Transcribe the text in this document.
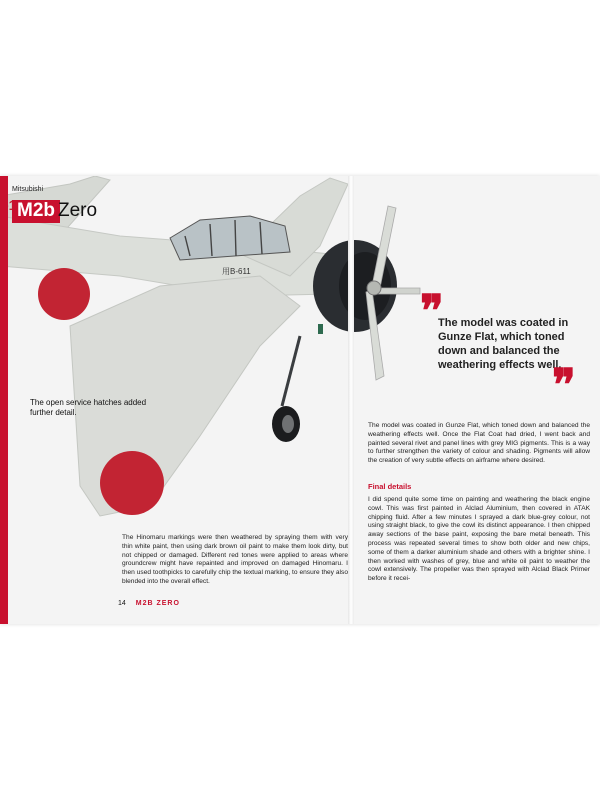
用B-611
Mitsubishi
M2b Zero
The open service hatches added further detail.
❞
The model was coated in Gunze Flat, which toned down and balanced the weathering effects well.
❞

The Hinomaru markings were then weathered by spraying them with very thin white paint, then using dark brown oil paint to make them look dirty, but not chipped or damaged. Different red tones were applied to areas where groundcrew might have repainted and improved on damaged Hinomaru. I then used toothpicks to carefully chip the textual marking, to ensure they also blended into the overall effect.

The model was coated in Gunze Flat, which toned down and balanced the weathering effects well. Once the Flat Coat had dried, I went back and painted several rivet and panel lines with grey MIG pigments. This is a way to further strengthen the variety of colour and shading. Pigments will allow the creation of very subtle effects on airframe where desired.

Final details

I did spend quite some time on painting and weathering the black engine cowl. This was first painted in Alclad Aluminium, then covered in ATAK chipping fluid. After a few minutes I sprayed a dark blue-grey colour, not using straight black, to give the cowl its distinct appearance. I then chipped away sections of the base paint, exposing the bare metal beneath. This process was repeated several times to show both older and new chips, some of them a darker aluminium shade and others with a brighter shine. I then worked with washes of grey, blue and white oil paint to weather the cowl extensively. The propeller was then sprayed with Alclad Black Primer before it recei-

14 M2B ZERO
